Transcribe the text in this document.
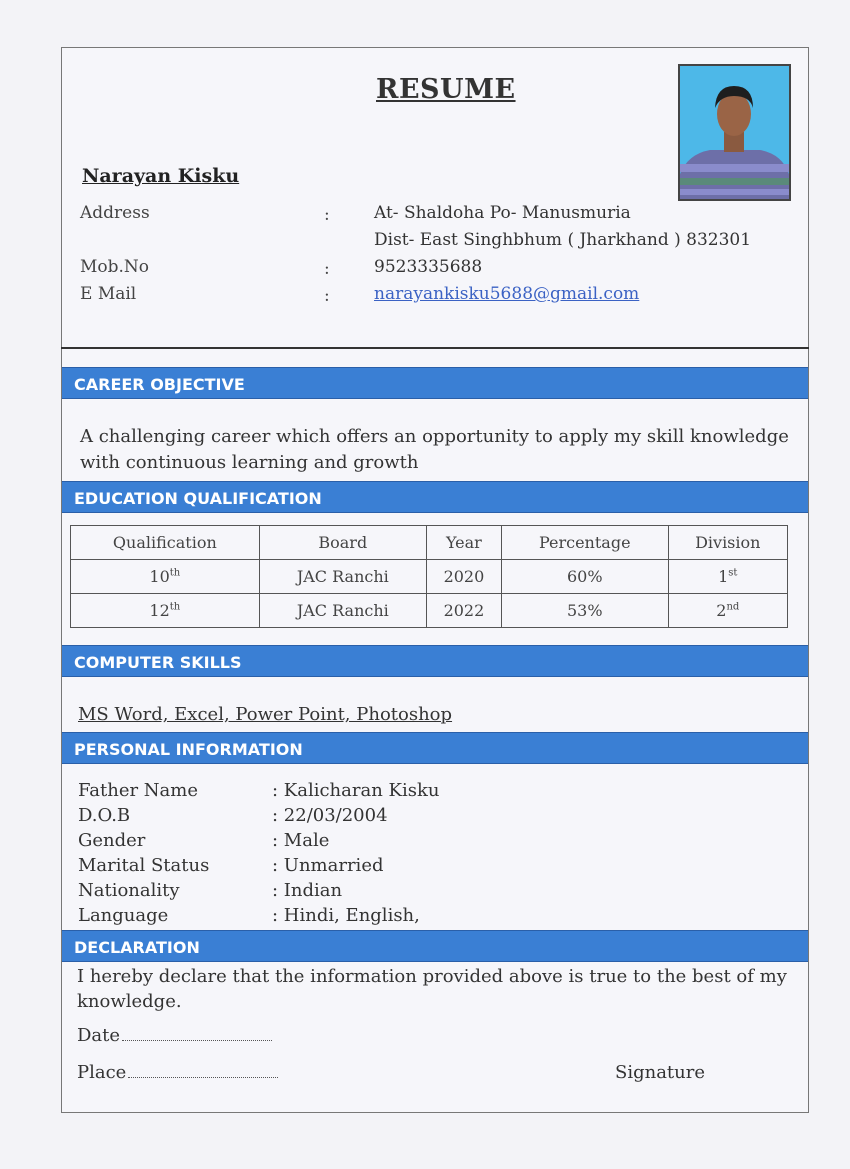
RESUME
Narayan Kisku
Address	:	At- Shaldoha Po- Manusmuria
Dist- East Singhbhum ( Jharkhand ) 832301
Mob.No	:	9523335688
E Mail	:	narayankisku5688@gmail.com
CAREER OBJECTIVE
A challenging career which offers an opportunity to apply my skill knowledge
with continuous learning and growth
EDUCATION QUALIFICATION
Qualification	Board	Year	Percentage	Division
10th	JAC Ranchi	2020	60%	1st
12th	JAC Ranchi	2022	53%	2nd
COMPUTER SKILLS
MS Word, Excel, Power Point, Photoshop
PERSONAL INFORMATION
Father Name	: Kalicharan Kisku
D.O.B	: 22/03/2004
Gender	: Male
Marital Status	: Unmarried
Nationality	: Indian
Language	: Hindi, English,
DECLARATION
I hereby declare that the information provided above is true to the best of my
knowledge.
Date
Place	Signature
